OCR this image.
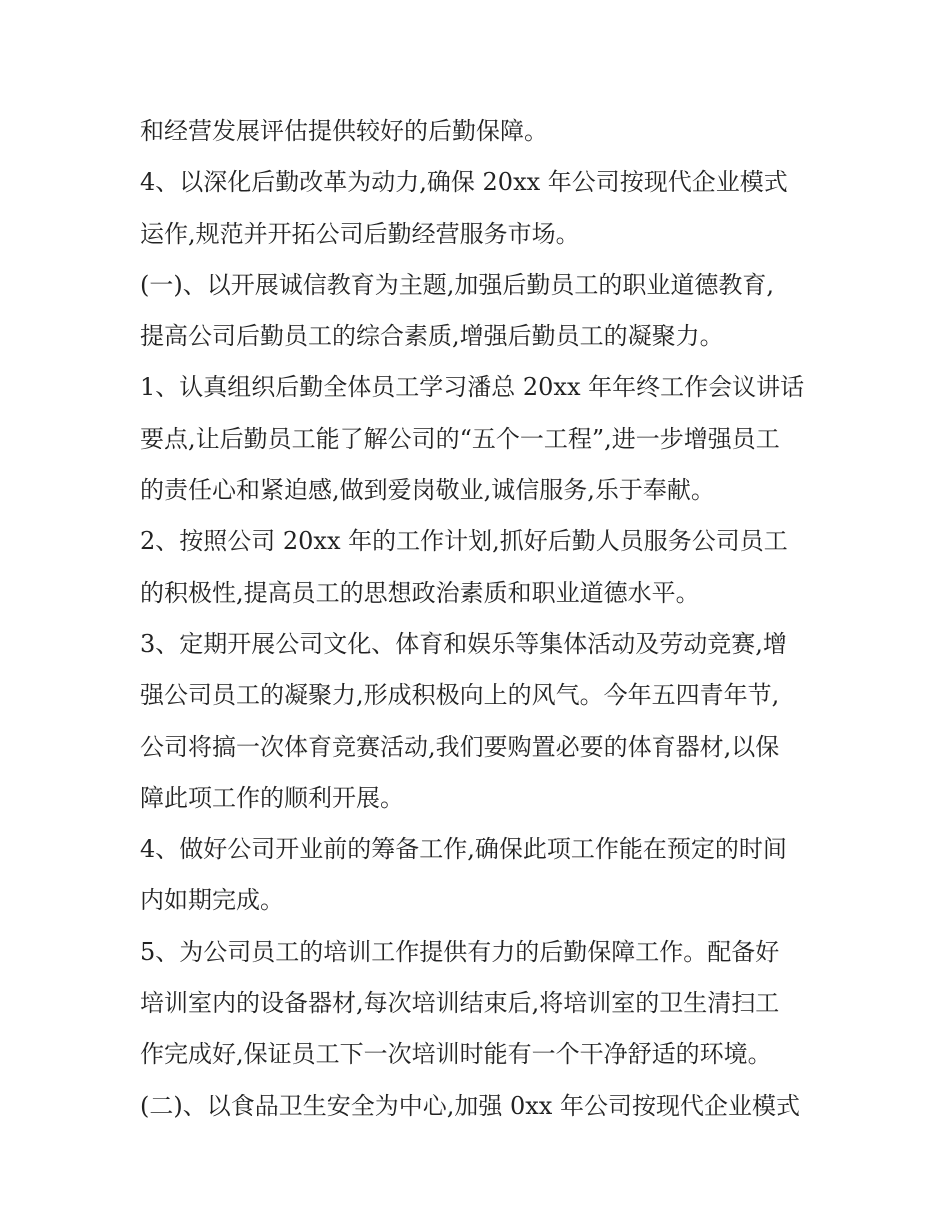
和经营发展评估提供较好的后勤保障。
4、以深化后勤改革为动力,确保 20xx 年公司按现代企业模式
运作,规范并开拓公司后勤经营服务市场。
(一)、以开展诚信教育为主题,加强后勤员工的职业道德教育,
提高公司后勤员工的综合素质,增强后勤员工的凝聚力。
1、认真组织后勤全体员工学习潘总 20xx 年年终工作会议讲话
要点,让后勤员工能了解公司的“五个一工程”,进一步增强员工
的责任心和紧迫感,做到爱岗敬业,诚信服务,乐于奉献。
2、按照公司 20xx 年的工作计划,抓好后勤人员服务公司员工
的积极性,提高员工的思想政治素质和职业道德水平。
3、定期开展公司文化、体育和娱乐等集体活动及劳动竞赛,增
强公司员工的凝聚力,形成积极向上的风气。今年五四青年节,
公司将搞一次体育竞赛活动,我们要购置必要的体育器材,以保
障此项工作的顺利开展。
4、做好公司开业前的筹备工作,确保此项工作能在预定的时间
内如期完成。
5、为公司员工的培训工作提供有力的后勤保障工作。配备好
培训室内的设备器材,每次培训结束后,将培训室的卫生清扫工
作完成好,保证员工下一次培训时能有一个干净舒适的环境。
(二)、以食品卫生安全为中心,加强 0xx 年公司按现代企业模式
